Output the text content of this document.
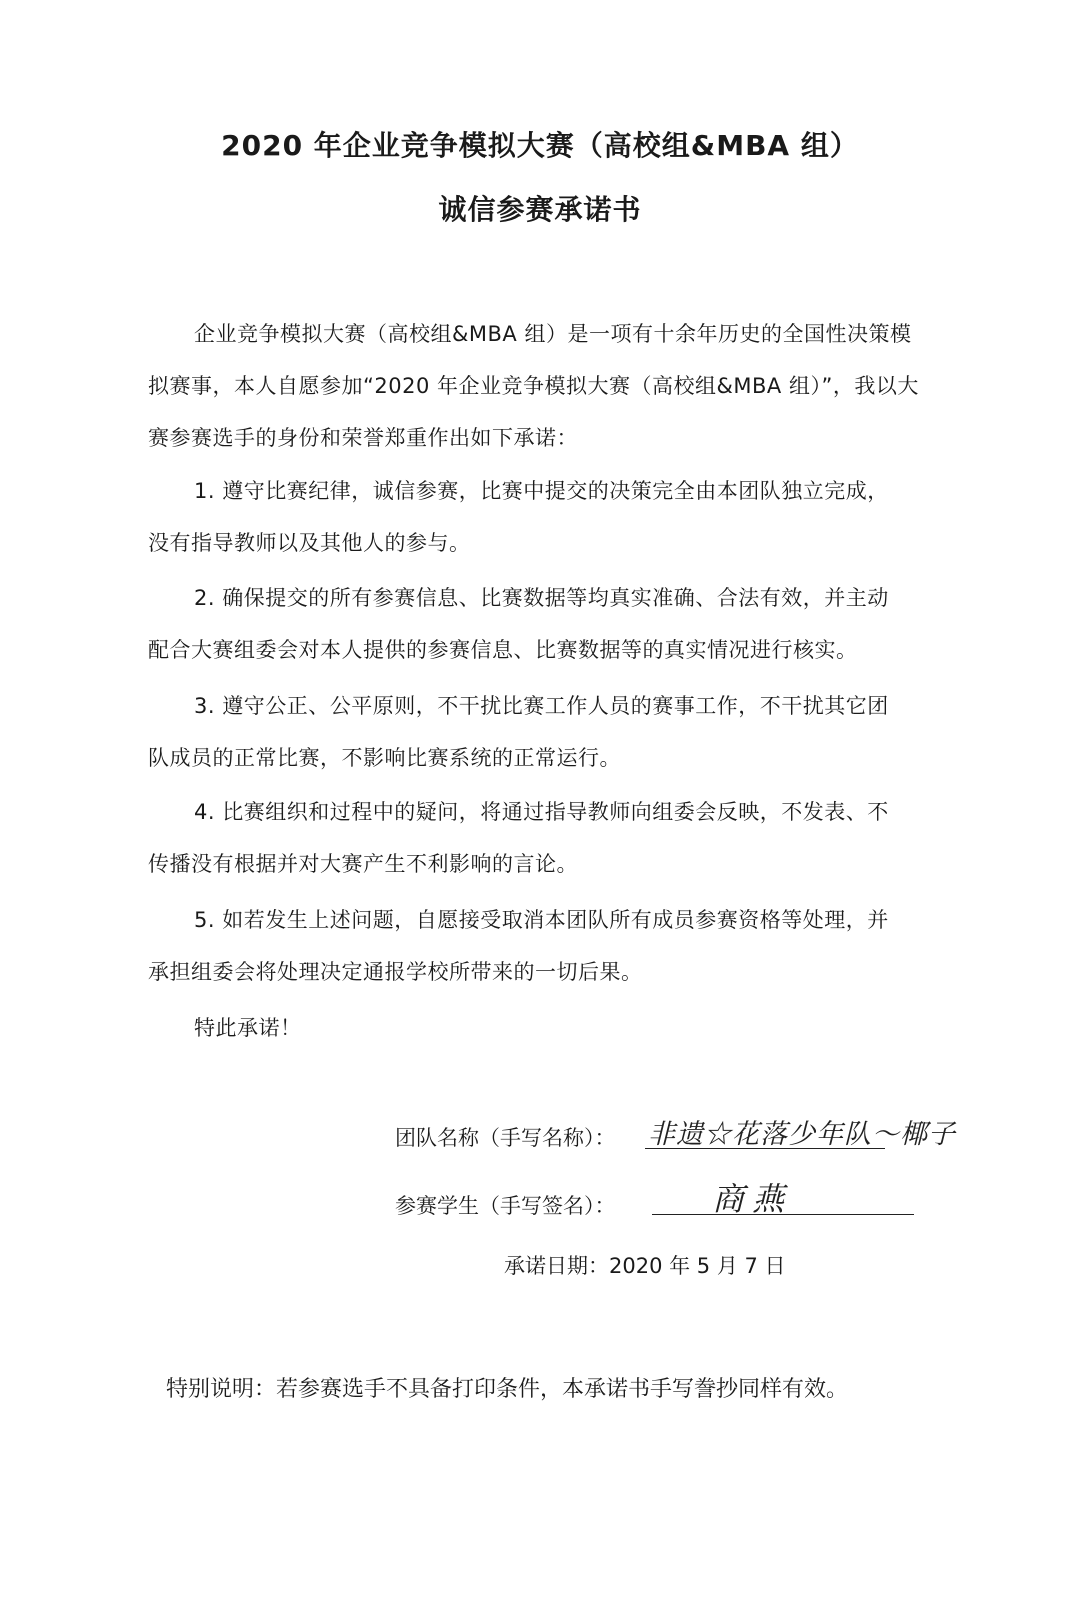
2020 年企业竞争模拟大赛（高校组&MBA 组）
诚信参赛承诺书
企业竞争模拟大赛（高校组&MBA 组）是一项有十余年历史的全国性决策模
拟赛事，本人自愿参加“2020 年企业竞争模拟大赛（高校组&MBA 组）”，我以大
赛参赛选手的身份和荣誉郑重作出如下承诺：
1. 遵守比赛纪律，诚信参赛，比赛中提交的决策完全由本团队独立完成，
没有指导教师以及其他人的参与。
2. 确保提交的所有参赛信息、比赛数据等均真实准确、合法有效，并主动
配合大赛组委会对本人提供的参赛信息、比赛数据等的真实情况进行核实。
3. 遵守公正、公平原则，不干扰比赛工作人员的赛事工作，不干扰其它团
队成员的正常比赛，不影响比赛系统的正常运行。
4. 比赛组织和过程中的疑问，将通过指导教师向组委会反映，不发表、不
传播没有根据并对大赛产生不利影响的言论。
5. 如若发生上述问题，自愿接受取消本团队所有成员参赛资格等处理，并
承担组委会将处理决定通报学校所带来的一切后果。
特此承诺！
团队名称（手写名称）： 非遗☆花落少年队～椰子
参赛学生（手写签名）：	商燕
承诺日期：2020 年 5 月 7 日
特别说明：若参赛选手不具备打印条件，本承诺书手写誊抄同样有效。
